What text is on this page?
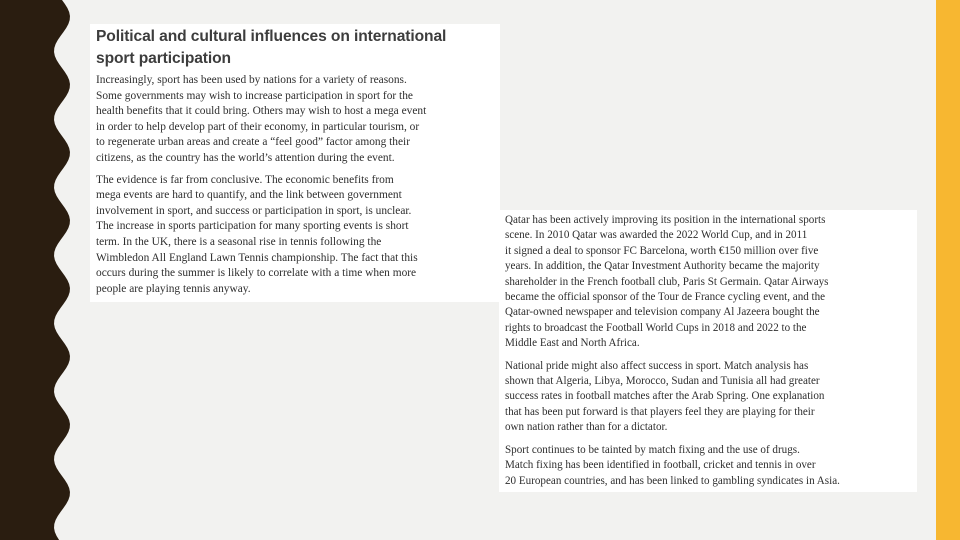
Political and cultural influences on international
sport participation
Increasingly, sport has been used by nations for a variety of reasons.
Some governments may wish to increase participation in sport for the
health benefits that it could bring. Others may wish to host a mega event
in order to help develop part of their economy, in particular tourism, or
to regenerate urban areas and create a “feel good” factor among their
citizens, as the country has the world’s attention during the event.
The evidence is far from conclusive. The economic benefits from
mega events are hard to quantify, and the link between government
involvement in sport, and success or participation in sport, is unclear.
The increase in sports participation for many sporting events is short
term. In the UK, there is a seasonal rise in tennis following the
Wimbledon All England Lawn Tennis championship. The fact that this
occurs during the summer is likely to correlate with a time when more
people are playing tennis anyway.
Qatar has been actively improving its position in the international sports
scene. In 2010 Qatar was awarded the 2022 World Cup, and in 2011
it signed a deal to sponsor FC Barcelona, worth €150 million over five
years. In addition, the Qatar Investment Authority became the majority
shareholder in the French football club, Paris St Germain. Qatar Airways
became the official sponsor of the Tour de France cycling event, and the
Qatar-owned newspaper and television company Al Jazeera bought the
rights to broadcast the Football World Cups in 2018 and 2022 to the
Middle East and North Africa.
National pride might also affect success in sport. Match analysis has
shown that Algeria, Libya, Morocco, Sudan and Tunisia all had greater
success rates in football matches after the Arab Spring. One explanation
that has been put forward is that players feel they are playing for their
own nation rather than for a dictator.
Sport continues to be tainted by match fixing and the use of drugs.
Match fixing has been identified in football, cricket and tennis in over
20 European countries, and has been linked to gambling syndicates in Asia.
